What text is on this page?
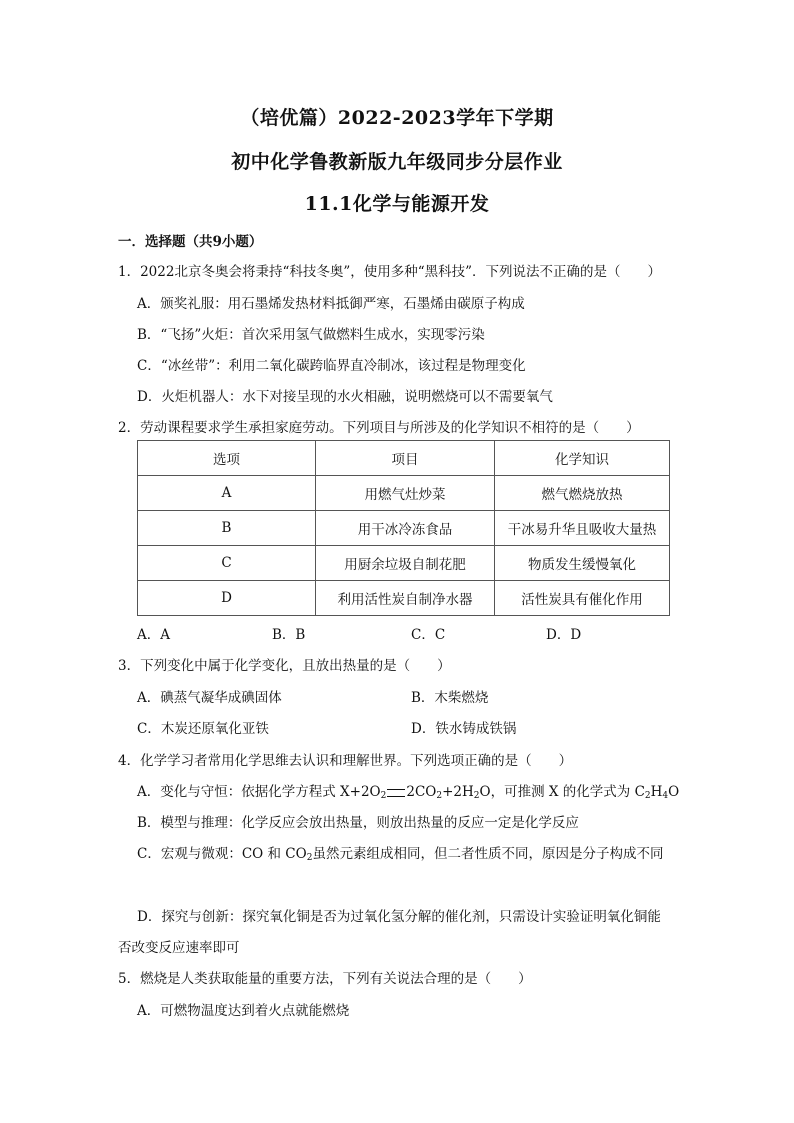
（培优篇）2022-2023学年下学期
初中化学鲁教新版九年级同步分层作业
11.1化学与能源开发
一．选择题（共9小题）
1．2022北京冬奥会将秉持“科技冬奥”，使用多种“黑科技”．下列说法不正确的是（　　）
A．颁奖礼服：用石墨烯发热材料抵御严寒，石墨烯由碳原子构成
B．“飞扬”火炬：首次采用氢气做燃料生成水，实现零污染
C．“冰丝带”：利用二氧化碳跨临界直冷制冰，该过程是物理变化
D．火炬机器人：水下对接呈现的水火相融，说明燃烧可以不需要氧气
2．劳动课程要求学生承担家庭劳动。下列项目与所涉及的化学知识不相符的是（　　）
选项	项目	化学知识
A	用燃气灶炒菜	燃气燃烧放热
B	用干冰冷冻食品	干冰易升华且吸收大量热
C	用厨余垃圾自制花肥	物质发生缓慢氧化
D	利用活性炭自制净水器	活性炭具有催化作用
A．A	B．B	C．C	D．D
3．下列变化中属于化学变化，且放出热量的是（　　）
A．碘蒸气凝华成碘固体	B．木柴燃烧
C．木炭还原氧化亚铁	D．铁水铸成铁锅
4．化学学习者常用化学思维去认识和理解世界。下列选项正确的是（　　）
A．变化与守恒：依据化学方程式 $X+2O_2$ $2CO_2+2H_2O$，可推测 X 的化学式为 $C_2H_4O$
B．模型与推理：化学反应会放出热量，则放出热量的反应一定是化学反应
C．宏观与微观：CO 和 $CO_2$虽然元素组成相同，但二者性质不同，原因是分子构成不同
D．探究与创新：探究氧化铜是否为过氧化氢分解的催化剂，只需设计实验证明氧化铜能
否改变反应速率即可
5．燃烧是人类获取能量的重要方法，下列有关说法合理的是（　　）
A．可燃物温度达到着火点就能燃烧
